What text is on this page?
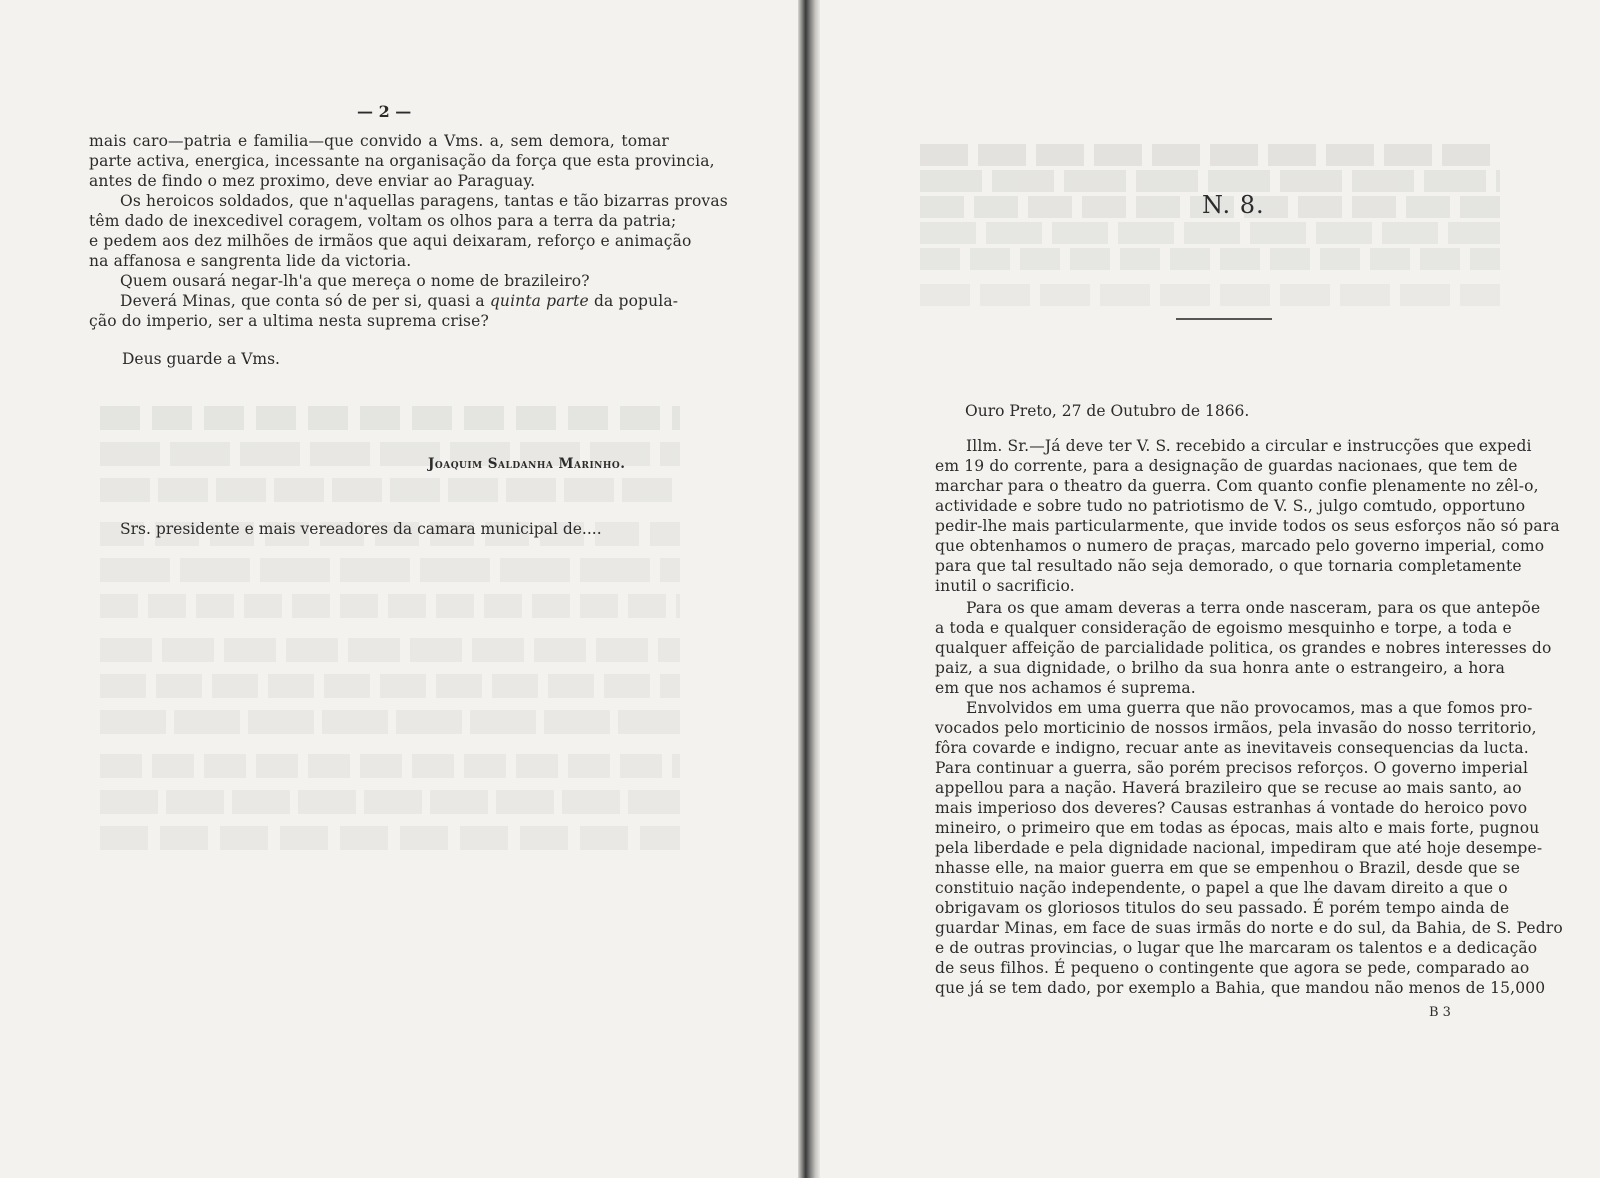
— 2 —
mais caro—patria e familia—que convido a Vms. a, sem demora, tomar
parte activa, energica, incessante na organisação da força que esta provincia,
antes de findo o mez proximo, deve enviar ao Paraguay.
Os heroicos soldados, que n'aquellas paragens, tantas e tão bizarras provas
têm dado de inexcedivel coragem, voltam os olhos para a terra da patria;
e pedem aos dez milhões de irmãos que aqui deixaram, reforço e animação
na affanosa e sangrenta lide da victoria.
Quem ousará negar-lh'a que mereça o nome de brazileiro?
Deverá Minas, que conta só de per si, quasi a quinta parte da popula-
ção do imperio, ser a ultima nesta suprema crise?
Deus guarde a Vms.
Joaquim Saldanha Marinho.
Srs. presidente e mais vereadores da camara municipal de....
N. 8.
Ouro Preto, 27 de Outubro de 1866.
Illm. Sr.—Já deve ter V. S. recebido a circular e instrucções que expedi
em 19 do corrente, para a designação de guardas nacionaes, que tem de
marchar para o theatro da guerra. Com quanto confie plenamente no zêl-o,
actividade e sobre tudo no patriotismo de V. S., julgo comtudo, opportuno
pedir-lhe mais particularmente, que invide todos os seus esforços não só para
que obtenhamos o numero de praças, marcado pelo governo imperial, como
para que tal resultado não seja demorado, o que tornaria completamente
inutil o sacrificio.
Para os que amam deveras a terra onde nasceram, para os que antepõe
a toda e qualquer consideração de egoismo mesquinho e torpe, a toda e
qualquer affeição de parcialidade politica, os grandes e nobres interesses do
paiz, a sua dignidade, o brilho da sua honra ante o estrangeiro, a hora
em que nos achamos é suprema.
Envolvidos em uma guerra que não provocamos, mas a que fomos pro-
vocados pelo morticinio de nossos irmãos, pela invasão do nosso territorio,
fôra covarde e indigno, recuar ante as inevitaveis consequencias da lucta.
Para continuar a guerra, são porém precisos reforços. O governo imperial
appellou para a nação. Haverá brazileiro que se recuse ao mais santo, ao
mais imperioso dos deveres? Causas estranhas á vontade do heroico povo
mineiro, o primeiro que em todas as épocas, mais alto e mais forte, pugnou
pela liberdade e pela dignidade nacional, impediram que até hoje desempe-
nhasse elle, na maior guerra em que se empenhou o Brazil, desde que se
constituio nação independente, o papel a que lhe davam direito a que o
obrigavam os gloriosos titulos do seu passado. É porém tempo ainda de
guardar Minas, em face de suas irmãs do norte e do sul, da Bahia, de S. Pedro
e de outras provincias, o lugar que lhe marcaram os talentos e a dedicação
de seus filhos. É pequeno o contingente que agora se pede, comparado ao
que já se tem dado, por exemplo a Bahia, que mandou não menos de 15,000
B 3
